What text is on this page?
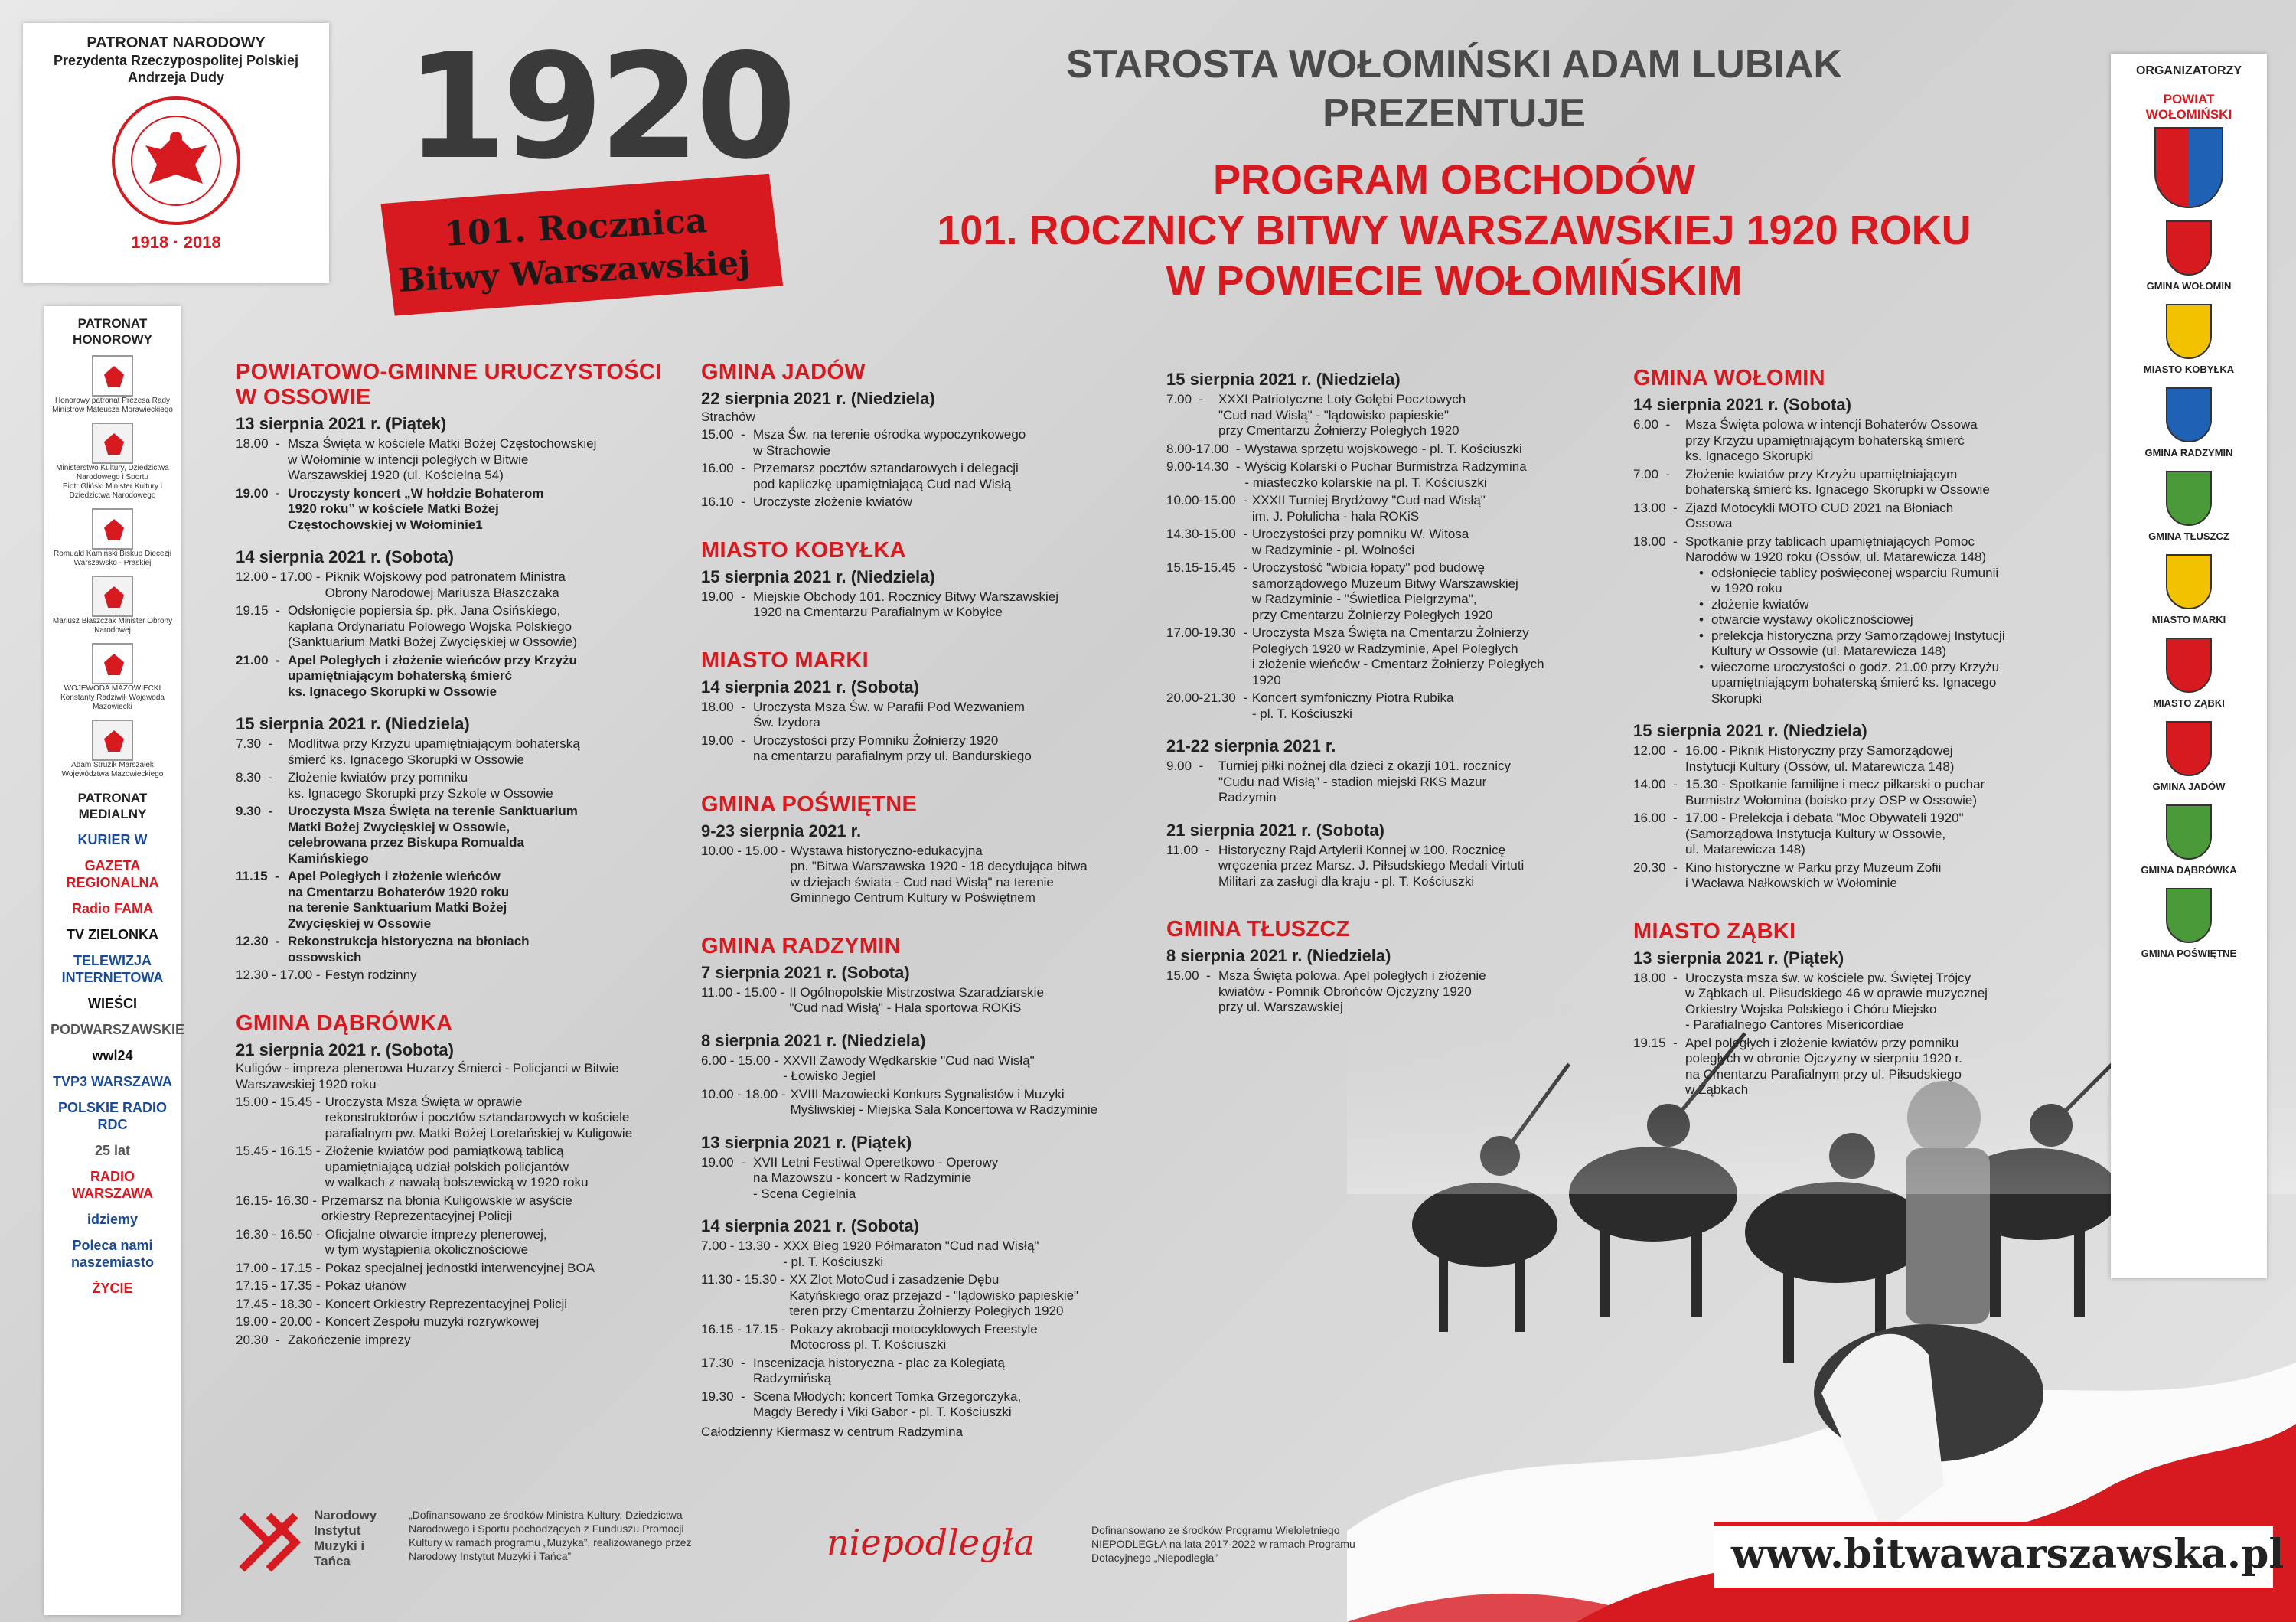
PATRONAT NARODOWY
Prezydenta Rzeczypospolitej Polskiej
Andrzeja Dudy
1918 · 2018
1920
101. Rocznica
Bitwy Warszawskiej
STAROSTA WOŁOMIŃSKI ADAM LUBIAK
PREZENTUJE
PROGRAM OBCHODÓW
101. ROCZNICY BITWY WARSZAWSKIEJ 1920 ROKU
W POWIECIE WOŁOMIŃSKIM
PATRONAT HONOROWY
Honorowy patronat Prezesa Rady Ministrów Mateusza Morawieckiego
Ministerstwo Kultury, Dziedzictwa Narodowego i Sportu
Piotr Gliński Minister Kultury i Dziedzictwa Narodowego
Romuald Kamiński Biskup Diecezji Warszawsko - Praskiej
Mariusz Błaszczak Minister Obrony Narodowej
WOJEWODA MAZOWIECKI
Konstanty Radziwiłł Wojewoda Mazowiecki
Adam Struzik Marszałek Województwa Mazowieckiego
PATRONAT MEDIALNY
KURIER W
GAZETA REGIONALNA
Radio FAMA
TV ZIELONKA
TELEWIZJA INTERNETOWA
WIEŚCI
PODWARSZAWSKIE
wwl24
TVP3 WARSZAWA
POLSKIE RADIO RDC
25 lat
RADIO WARSZAWA
idziemy
Poleca nami naszemiasto
ŻYCIE
ORGANIZATORZY
POWIAT WOŁOMIŃSKI
GMINA WOŁOMIN
MIASTO KOBYŁKA
GMINA RADZYMIN
GMINA TŁUSZCZ
MIASTO MARKI
MIASTO ZĄBKI
GMINA JADÓW
GMINA DĄBRÓWKA
GMINA POŚWIĘTNE
POWIATOWO-GMINNE URUCZYSTOŚCI W OSSOWIE
13 sierpnia 2021 r. (Piątek)
18.00  - Msza Święta w kościele Matki Bożej Częstochowskiej
w Wołominie w intencji poległych w Bitwie
Warszawskiej 1920 (ul. Kościelna 54)
19.00  - Uroczysty koncert „W hołdzie Bohaterom
1920 roku” w kościele Matki Bożej
Częstochowskiej w Wołominie1
14 sierpnia 2021 r. (Sobota)
12.00 - 17.00 - Piknik Wojskowy pod patronatem Ministra
Obrony Narodowej Mariusza Błaszczaka
19.15  - Odsłonięcie popiersia śp. płk. Jana Osińskiego,
kapłana Ordynariatu Polowego Wojska Polskiego
(Sanktuarium Matki Bożej Zwycięskiej w Ossowie)
21.00  - Apel Poległych i złożenie wieńców przy Krzyżu
upamiętniającym bohaterską śmierć
ks. Ignacego Skorupki w Ossowie
15 sierpnia 2021 r. (Niedziela)
7.30  -	Modlitwa przy Krzyżu upamiętniającym bohaterską
śmierć ks. Ignacego Skorupki w Ossowie
8.30  -	Złożenie kwiatów przy pomniku
ks. Ignacego Skorupki przy Szkole w Ossowie
9.30  -	Uroczysta Msza Święta na terenie Sanktuarium
Matki Bożej Zwycięskiej w Ossowie,
celebrowana przez Biskupa Romualda
Kamińskiego
11.15  - Apel Poległych i złożenie wieńców
na Cmentarzu Bohaterów 1920 roku
na terenie Sanktuarium Matki Bożej
Zwycięskiej w Ossowie
12.30  - Rekonstrukcja historyczna na błoniach
ossowskich
12.30 - 17.00 - Festyn rodzinny
GMINA DĄBRÓWKA
21 sierpnia 2021 r. (Sobota)
Kuligów - impreza plenerowa Huzarzy Śmierci - Policjanci w Bitwie Warszawskiej 1920 roku
15.00 - 15.45 - Uroczysta Msza Święta w oprawie
rekonstruktorów i pocztów sztandarowych w kościele
parafialnym pw. Matki Bożej Loretańskiej w Kuligowie
15.45 - 16.15 - Złożenie kwiatów pod pamiątkową tablicą
upamiętniającą udział polskich policjantów
w walkach z nawałą bolszewicką w 1920 roku
16.15- 16.30 - Przemarsz na błonia Kuligowskie w asyście
orkiestry Reprezentacyjnej Policji
16.30 - 16.50 - Oficjalne otwarcie imprezy plenerowej,
w tym wystąpienia okolicznościowe
17.00 - 17.15 - Pokaz specjalnej jednostki interwencyjnej BOA
17.15 - 17.35 - Pokaz ułanów
17.45 - 18.30 - Koncert Orkiestry Reprezentacyjnej Policji
19.00 - 20.00 - Koncert Zespołu muzyki rozrywkowej
20.30  - Zakończenie imprezy
GMINA JADÓW
22 sierpnia 2021 r. (Niedziela)
Strachów
15.00  - Msza Św. na terenie ośrodka wypoczynkowego
w Strachowie
16.00  - Przemarsz pocztów sztandarowych i delegacji
pod kapliczkę upamiętniającą Cud nad Wisłą
16.10  - Uroczyste złożenie kwiatów
MIASTO KOBYŁKA
15 sierpnia 2021 r. (Niedziela)
19.00  - Miejskie Obchody 101. Rocznicy Bitwy Warszawskiej
1920 na Cmentarzu Parafialnym w Kobyłce
MIASTO MARKI
14 sierpnia 2021 r. (Sobota)
18.00  - Uroczysta Msza Św. w Parafii Pod Wezwaniem
Św. Izydora
19.00  - Uroczystości przy Pomniku Żołnierzy 1920
na cmentarzu parafialnym przy ul. Bandurskiego
GMINA POŚWIĘTNE
9-23 sierpnia 2021 r.
10.00 - 15.00 - Wystawa historyczno-edukacyjna
pn. "Bitwa Warszawska 1920 - 18 decydująca bitwa
w dziejach świata - Cud nad Wisłą" na terenie
Gminnego Centrum Kultury w Poświętnem
GMINA RADZYMIN
7 sierpnia 2021 r. (Sobota)
11.00 - 15.00 - II Ogólnopolskie Mistrzostwa Szaradziarskie
"Cud nad Wisłą" - Hala sportowa ROKiS
8 sierpnia 2021 r. (Niedziela)
6.00 - 15.00 - XXVII Zawody Wędkarskie "Cud nad Wisłą"
- Łowisko Jegiel
10.00 - 18.00 - XVIII Mazowiecki Konkurs Sygnalistów i Muzyki
Myśliwskiej - Miejska Sala Koncertowa w Radzyminie
13 sierpnia 2021 r. (Piątek)
19.00  - XVII Letni Festiwal Operetkowo - Operowy
na Mazowszu - koncert w Radzyminie
- Scena Cegielnia
14 sierpnia 2021 r. (Sobota)
7.00 - 13.30 - XXX Bieg 1920 Półmaraton "Cud nad Wisłą"
- pl. T. Kościuszki
11.30 - 15.30 - XX Zlot MotoCud i zasadzenie Dębu
Katyńskiego oraz przejazd - "lądowisko papieskie"
teren przy Cmentarzu Żołnierzy Poległych 1920
16.15 - 17.15 - Pokazy akrobacji motocyklowych Freestyle
Motocross pl. T. Kościuszki
17.30  - Inscenizacja historyczna - plac za Kolegiatą
Radzymińską
19.30  - Scena Młodych: koncert Tomka Grzegorczyka,
Magdy Beredy i Viki Gabor - pl. T. Kościuszki
Całodzienny Kiermasz w centrum Radzymina
15 sierpnia 2021 r. (Niedziela)
7.00  -	XXXI Patriotyczne Loty Gołębi Pocztowych
"Cud nad Wisłą" - "lądowisko papieskie"
przy Cmentarzu Żołnierzy Poległych 1920
8.00-17.00  - Wystawa sprzętu wojskowego - pl. T. Kościuszki
9.00-14.30  - Wyścig Kolarski o Puchar Burmistrza Radzymina
- miasteczko kolarskie na pl. T. Kościuszki
10.00-15.00  - XXXII Turniej Brydżowy "Cud nad Wisłą"
im. J. Połulicha - hala ROKiS
14.30-15.00  - Uroczystości przy pomniku W. Witosa
w Radzyminie - pl. Wolności
15.15-15.45  - Uroczystość "wbicia łopaty" pod budowę
samorządowego Muzeum Bitwy Warszawskiej
w Radzyminie - "Świetlica Pielgrzyma",
przy Cmentarzu Żołnierzy Poległych 1920
17.00-19.30  - Uroczysta Msza Święta na Cmentarzu Żołnierzy
Poległych 1920 w Radzyminie, Apel Poległych
i złożenie wieńców - Cmentarz Żołnierzy Poległych
1920
20.00-21.30  - Koncert symfoniczny Piotra Rubika
- pl. T. Kościuszki
21-22 sierpnia 2021 r.
9.00  -	Turniej piłki nożnej dla dzieci z okazji 101. rocznicy
"Cudu nad Wisłą" - stadion miejski RKS Mazur
Radzymin
21 sierpnia 2021 r. (Sobota)
11.00  - Historyczny Rajd Artylerii Konnej w 100. Rocznicę
wręczenia przez Marsz. J. Piłsudskiego Medali Virtuti
Militari za zasługi dla kraju - pl. T. Kościuszki
GMINA TŁUSZCZ
8 sierpnia 2021 r. (Niedziela)
15.00  - Msza Święta polowa. Apel poległych i złożenie
kwiatów - Pomnik Obrońców Ojczyzny 1920
przy ul. Warszawskiej
GMINA WOŁOMIN
14 sierpnia 2021 r. (Sobota)
6.00  -	Msza Święta polowa w intencji Bohaterów Ossowa
przy Krzyżu upamiętniającym bohaterską śmierć
ks. Ignacego Skorupki
7.00  -	Złożenie kwiatów przy Krzyżu upamiętniającym
bohaterską śmierć ks. Ignacego Skorupki w Ossowie
13.00  - Zjazd Motocykli MOTO CUD 2021 na Błoniach
Ossowa
18.00  - Spotkanie przy tablicach upamiętniających Pomoc
Narodów w 1920 roku (Ossów, ul. Matarewicza 148)
• odsłonięcie tablicy poświęconej wsparciu Rumunii
w 1920 roku
• złożenie kwiatów
• otwarcie wystawy okolicznościowej
• prelekcja historyczna przy Samorządowej Instytucji
Kultury w Ossowie (ul. Matarewicza 148)
• wieczorne uroczystości o godz. 21.00 przy Krzyżu
upamiętniającym bohaterską śmierć ks. Ignacego
Skorupki
15 sierpnia 2021 r. (Niedziela)
12.00  - 16.00 - Piknik Historyczny przy Samorządowej
Instytucji Kultury (Ossów, ul. Matarewicza 148)
14.00  - 15.30 - Spotkanie familijne i mecz piłkarski o puchar
Burmistrz Wołomina (boisko przy OSP w Ossowie)
16.00  - 17.00 - Prelekcja i debata "Moc Obywateli 1920"
(Samorządowa Instytucja Kultury w Ossowie,
ul. Matarewicza 148)
20.30  - Kino historyczne w Parku przy Muzeum Zofii
i Wacława Nałkowskich w Wołominie
MIASTO ZĄBKI
13 sierpnia 2021 r. (Piątek)
18.00  - Uroczysta msza św. w kościele pw. Świętej Trójcy
w Ząbkach ul. Piłsudskiego 46 w oprawie muzycznej
Orkiestry Wojska Polskiego i Chóru Miejsko
- Parafialnego Cantores Misericordiae
19.15  - Apel poległych i złożenie kwiatów przy pomniku
poległych w obronie Ojczyzny w sierpniu 1920 r.
na Cmentarzu Parafialnym przy ul. Piłsudskiego
w Ząbkach
Narodowy Instytut Muzyki i Tańca
„Dofinansowano ze środków Ministra Kultury, Dziedzictwa Narodowego i Sportu pochodzących z Funduszu Promocji Kultury w ramach programu „Muzyka”, realizowanego przez Narodowy Instytut Muzyki i Tańca”	niepodległa	Dofinansowano ze środków Programu Wieloletniego NIEPODLEGŁA na lata 2017-2022 w ramach Programu Dotacyjnego „Niepodległa”	www.bitwawarszawska.pl
